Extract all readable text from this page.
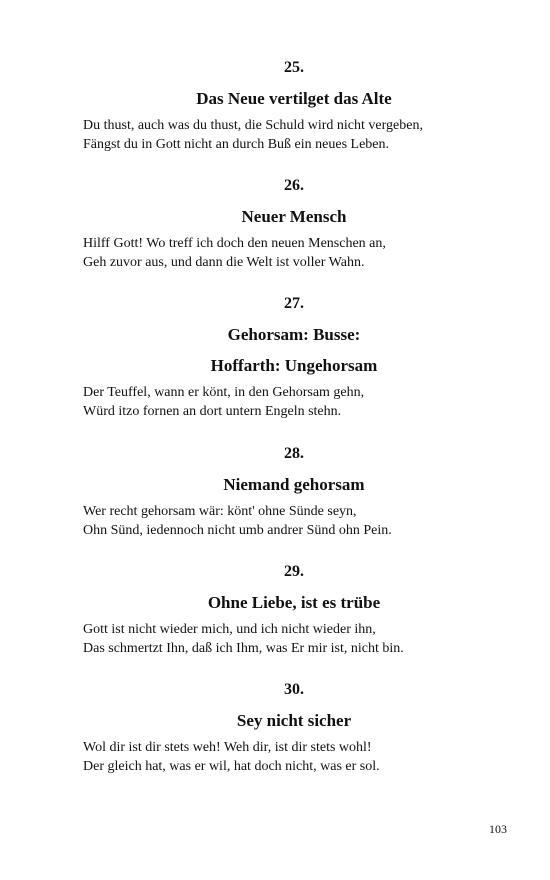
25.
Das Neue vertilget das Alte

Du thust, auch was du thust, die Schuld wird nicht vergeben,

Fängst du in Gott nicht an durch Buß ein neues Leben.

26.
Neuer Mensch

Hilff Gott! Wo treff ich doch den neuen Menschen an,

Geh zuvor aus, und dann die Welt ist voller Wahn.

27.
Gehorsam: Busse:
Hoffarth: Ungehorsam

Der Teuffel, wann er könt, in den Gehorsam gehn,

Würd itzo fornen an dort untern Engeln stehn.

28.
Niemand gehorsam

Wer recht gehorsam wär: könt' ohne Sünde seyn,

Ohn Sünd, iedennoch nicht umb andrer Sünd ohn Pein.

29.
Ohne Liebe, ist es trübe

Gott ist nicht wieder mich, und ich nicht wieder ihn,

Das schmertzt Ihn, daß ich Ihm, was Er mir ist, nicht bin.

30.
Sey nicht sicher

Wol dir ist dir stets weh! Weh dir, ist dir stets wohl!

Der gleich hat, was er wil, hat doch nicht, was er sol.

103
